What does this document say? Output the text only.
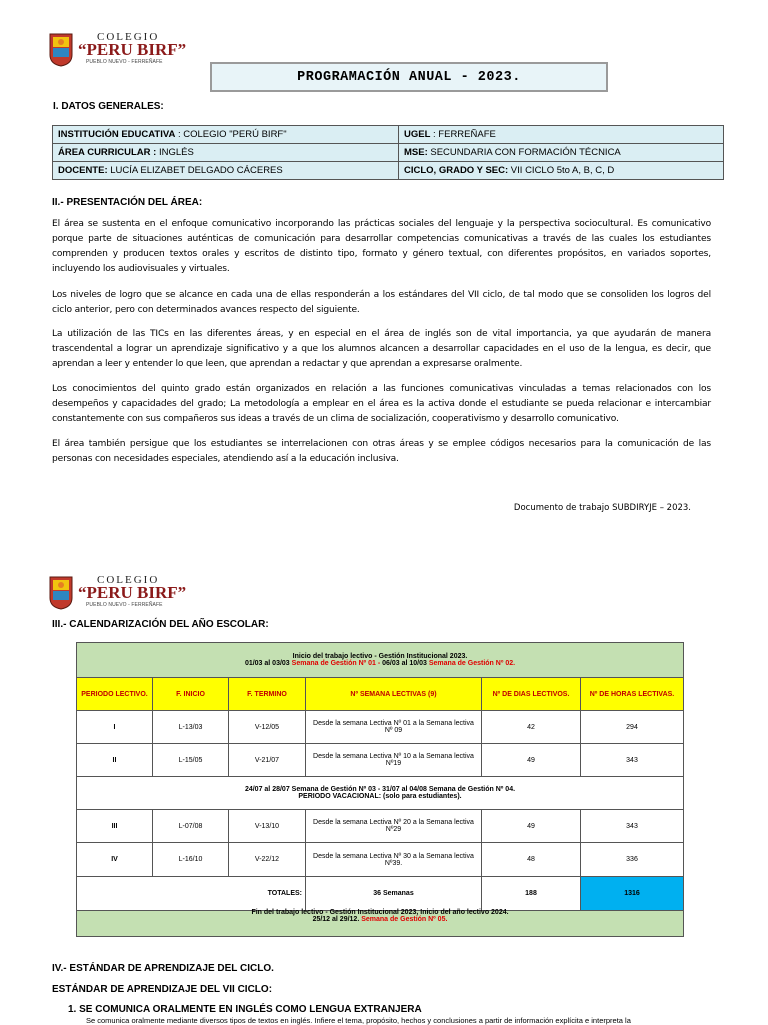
COLEGIO
“PERU BIRF”
PUEBLO NUEVO - FERREÑAFE
PROGRAMACIÓN ANUAL - 2023.
I. DATOS GENERALES:
INSTITUCIÓN EDUCATIVA : COLEGIO "PERÚ BIRF"	UGEL : FERREÑAFE
ÁREA CURRICULAR : INGLÉS	MSE: SECUNDARIA CON FORMACIÓN TÉCNICA
DOCENTE: LUCÍA ELIZABET DELGADO CÁCERES	CICLO, GRADO Y SEC: VII CICLO 5to A, B, C, D
II.- PRESENTACIÓN DEL ÁREA:
El área se sustenta en el enfoque comunicativo incorporando las prácticas sociales del lenguaje y la perspectiva sociocultural. Es comunicativo porque parte de situaciones auténticas de comunicación para desarrollar competencias comunicativas a través de las cuales los estudiantes comprenden y producen textos orales y escritos de distinto tipo, formato y género textual, con diferentes propósitos, en variados soportes, incluyendo los audiovisuales y virtuales.
Los niveles de logro que se alcance en cada una de ellas responderán a los estándares del VII ciclo, de tal modo que se consoliden los logros del ciclo anterior, pero con determinados avances respecto del siguiente.
La utilización de las TICs en las diferentes áreas, y en especial en el área de inglés son de vital importancia, ya que ayudarán de manera trascendental a lograr un aprendizaje significativo y a que los alumnos alcancen a desarrollar capacidades en el uso de la lengua, es decir, que aprendan a leer y entender lo que leen, que aprendan a redactar y que aprendan a expresarse oralmente.
Los conocimientos del quinto grado están organizados en relación a las funciones comunicativas vinculadas a temas relacionados con los desempeños y capacidades del grado; La metodología a emplear en el área es la activa donde el estudiante se pueda relacionar e intercambiar constantemente con sus compañeros sus ideas a través de un clima de socialización, cooperativismo y desarrollo comunicativo.
El área también persigue que los estudiantes se interrelacionen con otras áreas y se emplee códigos necesarios para la comunicación de las personas con necesidades especiales, atendiendo así a la educación inclusiva.
Documento de trabajo SUBDIRYJE – 2023.
COLEGIO
“PERU BIRF”
PUEBLO NUEVO - FERREÑAFE
III.- CALENDARIZACIÓN DEL AÑO ESCOLAR:
Inicio del trabajo lectivo - Gestión Institucional 2023.
01/03 al 03/03 Semana de Gestión Nº 01 - 06/03 al 10/03 Semana de Gestión Nº 02.					

PERIODO LECTIVO.	F. INICIO	F. TERMINO	Nº SEMANA LECTIVAS (9)	Nº DE DIAS LECTIVOS.	Nº DE HORAS LECTIVAS.
I	L-13/03	V-12/05	Desde la semana Lectiva Nº 01 a la Semana lectiva Nº 09	42	294
II	L-15/05	V-21/07	Desde la semana Lectiva Nº 10 a la Semana lectiva Nº19	49	343

24/07 al 28/07 Semana de Gestión Nº 03 - 31/07 al 04/08 Semana de Gestión Nº 04.
PERIODO VACACIONAL: (solo para estudiantes).					

III	L-07/08	V-13/10	Desde la semana Lectiva Nº 20 a la Semana lectiva Nº29	49	343
IV	L-16/10	V-22/12	Desde la semana Lectiva Nº 30 a la Semana lectiva Nº39.	48	336
TOTALES:			36 Semanas	188	1316

Fin del trabajo lectivo - Gestión Institucional 2023, Inicio del año lectivo 2024.
25/12 al 29/12. Semana de Gestión Nº 05.					
IV.- ESTÁNDAR DE APRENDIZAJE DEL CICLO.
ESTÁNDAR DE APRENDIZAJE DEL VII CICLO:
1. SE COMUNICA ORALMENTE EN INGLÉS COMO LENGUA EXTRANJERA
Se comunica oralmente mediante diversos tipos de textos en inglés. Infiere el tema, propósito, hechos y conclusiones a partir de información explícita e interpreta la
